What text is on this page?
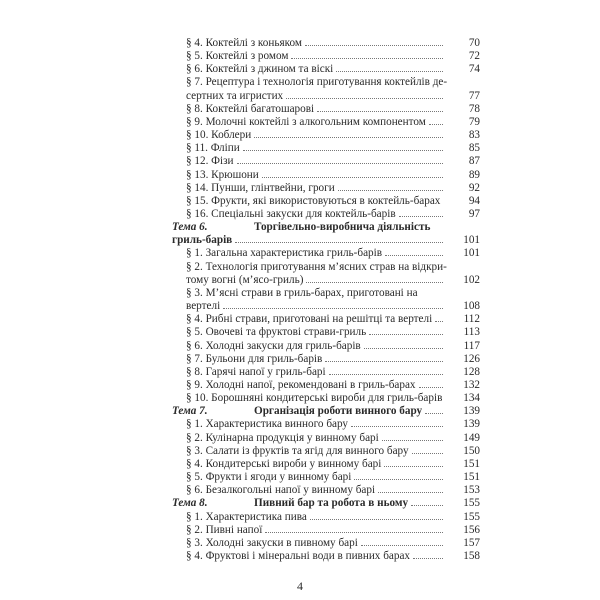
§ 4. Коктейлі з коньяком	70
§ 5. Коктейлі з ромом	72
§ 6. Коктейлі з джином та віскі	74
§ 7. Рецептура і технологія приготування коктейлів де-
сертних та игристих	77
§ 8. Коктейлі багатошарові	78
§ 9. Молочні коктейлі з алкогольним компонентом	79
§ 10. Коблери	83
§ 11. Фліпи	85
§ 12. Фізи	87
§ 13. Крюшони	89
§ 14. Пунши, глінтвейни, гроги	92
§ 15. Фрукти, які використовуються в коктейль-барах	94
§ 16. Спеціальні закуски для коктейль-барів	97
Тема 6.	Торгівельно-виробнича діяльність
гриль-барів	101
§ 1. Загальна характеристика гриль-барів	101
§ 2. Технологія приготування м’ясних страв на відкри-
тому вогні (м’ясо-гриль)	102
§ 3. М’ясні страви в гриль-барах, приготовані на
вертелі	108
§ 4. Рибні страви, приготовані на решітці та вертелі	112
§ 5. Овочеві та фруктові страви-гриль	113
§ 6. Холодні закуски для гриль-барів	117
§ 7. Бульони для гриль-барів	126
§ 8. Гарячі напої у гриль-барі	128
§ 9. Холодні напої, рекомендовані в гриль-барах	132
§ 10. Борошняні кондитерські вироби для гриль-барів	134
Тема 7.	Організація роботи винного бару	139
§ 1. Характеристика винного бару	139
§ 2. Кулінарна продукція у винному барі	149
§ 3. Салати із фруктів та ягід для винного бару	150
§ 4. Кондитерські вироби у винному барі	151
§ 5. Фрукти і ягоди у винному барі	151
§ 6. Безалкогольні напої у винному барі	153
Тема 8.	Пивний бар та робота в ньому	155
§ 1. Характеристика пива	155
§ 2. Пивні напої	156
§ 3. Холодні закуски в пивному барі	157
§ 4. Фруктові і мінеральні води в пивних барах	158
4
